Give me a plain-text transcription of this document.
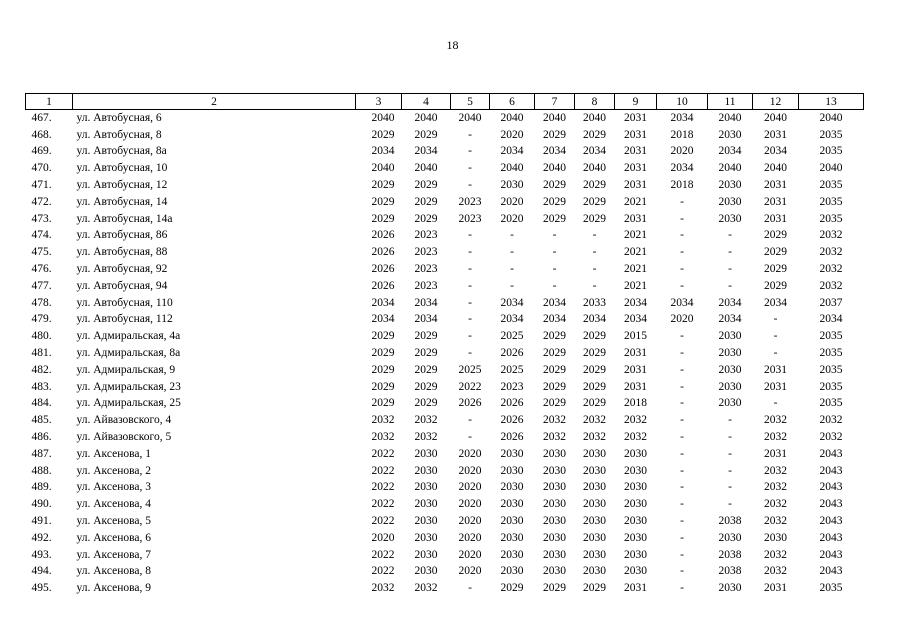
18
1	2	3	4	5	6	7	8	9	10	11	12	13
467.	ул. Автобусная, 6	2040	2040	2040	2040	2040	2040	2031	2034	2040	2040	2040
468.	ул. Автобусная, 8	2029	2029	-	2020	2029	2029	2031	2018	2030	2031	2035
469.	ул. Автобусная, 8а	2034	2034	-	2034	2034	2034	2031	2020	2034	2034	2035
470.	ул. Автобусная, 10	2040	2040	-	2040	2040	2040	2031	2034	2040	2040	2040
471.	ул. Автобусная, 12	2029	2029	-	2030	2029	2029	2031	2018	2030	2031	2035
472.	ул. Автобусная, 14	2029	2029	2023	2020	2029	2029	2021	-	2030	2031	2035
473.	ул. Автобусная, 14а	2029	2029	2023	2020	2029	2029	2031	-	2030	2031	2035
474.	ул. Автобусная, 86	2026	2023	-	-	-	-	2021	-	-	2029	2032
475.	ул. Автобусная, 88	2026	2023	-	-	-	-	2021	-	-	2029	2032
476.	ул. Автобусная, 92	2026	2023	-	-	-	-	2021	-	-	2029	2032
477.	ул. Автобусная, 94	2026	2023	-	-	-	-	2021	-	-	2029	2032
478.	ул. Автобусная, 110	2034	2034	-	2034	2034	2033	2034	2034	2034	2034	2037
479.	ул. Автобусная, 112	2034	2034	-	2034	2034	2034	2034	2020	2034	-	2034
480.	ул. Адмиральская, 4а	2029	2029	-	2025	2029	2029	2015	-	2030	-	2035
481.	ул. Адмиральская, 8а	2029	2029	-	2026	2029	2029	2031	-	2030	-	2035
482.	ул. Адмиральская, 9	2029	2029	2025	2025	2029	2029	2031	-	2030	2031	2035
483.	ул. Адмиральская, 23	2029	2029	2022	2023	2029	2029	2031	-	2030	2031	2035
484.	ул. Адмиральская, 25	2029	2029	2026	2026	2029	2029	2018	-	2030	-	2035
485.	ул. Айвазовского, 4	2032	2032	-	2026	2032	2032	2032	-	-	2032	2032
486.	ул. Айвазовского, 5	2032	2032	-	2026	2032	2032	2032	-	-	2032	2032
487.	ул. Аксенова, 1	2022	2030	2020	2030	2030	2030	2030	-	-	2031	2043
488.	ул. Аксенова, 2	2022	2030	2020	2030	2030	2030	2030	-	-	2032	2043
489.	ул. Аксенова, 3	2022	2030	2020	2030	2030	2030	2030	-	-	2032	2043
490.	ул. Аксенова, 4	2022	2030	2020	2030	2030	2030	2030	-	-	2032	2043
491.	ул. Аксенова, 5	2022	2030	2020	2030	2030	2030	2030	-	2038	2032	2043
492.	ул. Аксенова, 6	2020	2030	2020	2030	2030	2030	2030	-	2030	2030	2043
493.	ул. Аксенова, 7	2022	2030	2020	2030	2030	2030	2030	-	2038	2032	2043
494.	ул. Аксенова, 8	2022	2030	2020	2030	2030	2030	2030	-	2038	2032	2043
495.	ул. Аксенова, 9	2032	2032	-	2029	2029	2029	2031	-	2030	2031	2035
